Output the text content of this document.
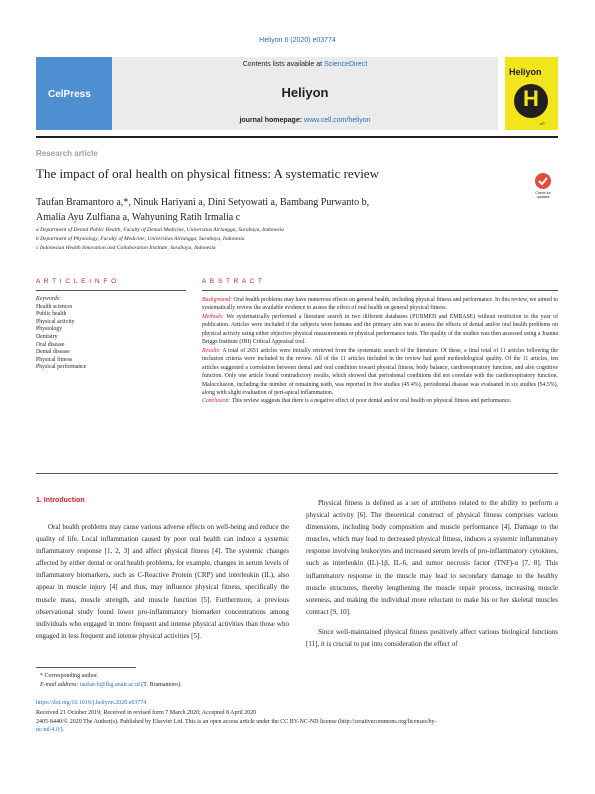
Heliyon 6 (2020) e03774
CelPress
Contents lists available at ScienceDirect
Heliyon
journal homepage: www.cell.com/heliyon
Heliyon
H
cP
Research article
The impact of oral health on physical fitness: A systematic review
Check for
updates
Taufan Bramantoro a,*, Ninuk Hariyani a, Dini Setyowati a, Bambang Purwanto b,
Amalia Ayu Zulfiana a, Wahyuning Ratih Irmalia c
a Department of Dental Public Health, Faculty of Dental Medicine, Universitas Airlangga, Surabaya, Indonesia
b Department of Physiology, Faculty of Medicine, Universitas Airlangga, Surabaya, Indonesia
c Indonesian Health Innovation and Collaboration Institute, Surabaya, Indonesia
A R T I C L E I N F O	A B S T R A C T
Keywords:
Health sciences
Public health
Physical activity
Physiology
Dentistry
Oral disease
Dental disease
Physical fitness
Physical performance
Background: Oral health problems may have numerous effects on general health, including physical fitness and performance. In this review, we aimed to systematically review the available evidence to assess the effect of oral health on general physical fitness.
Methods: We systematically performed a literature search in two different databases (PUBMED and EMBASE) without restriction to the year of publication. Articles were included if the subjects were humans and the primary aim was to assess the effects of dental and/or oral health problems on physical activity using either objective physical measurements or physical performance tests. The quality of the studies was then assessed using a Joanna Briggs Institute (JBI) Critical Appraisal tool.
Results: A total of 2651 articles were initially retrieved from the systematic search of the literature. Of these, a final total of 11 articles following the inclusion criteria were included in the review. All of the 11 articles included in the review had good methodological quality. Of the 11 articles, ten articles suggested a correlation between dental and oral condition toward physical fitness, body balance, cardiorespiratory function, and also cognitive function. Only one article found contradictory results, which showed that periodontal conditions did not correlate with the cardiorespiratory function. Malocclusion, including the number of remaining teeth, was reported in five studies (45.4%), periodontal disease was evaluated in six studies (54.5%), along with slight evaluation of peri-apical inflammation.
Conclusion: This review suggests that there is a negative effect of poor dental and/or oral health on physical fitness and performance.
1. Introduction
Oral health problems may cause various adverse effects on well-being and reduce the quality of life. Local inflammation caused by poor oral health can induce a systemic inflammatory response [1, 2, 3] and affect physical fitness [4]. The systemic changes affected by either dental or oral health problems, for example, changes in serum levels of inflammatory biomarkers, such as C-Reactive Protein (CRP) and interleukin (IL), also appear in muscle injury [4] and thus, may influence physical fitness, specifically the muscle mass, muscle strength, and muscle function [5]. Furthermore, a previous observational study found lower pro-inflammatory biomarker concentrations among individuals who engaged in more frequent and intense physical activities than those who engaged in less frequent and intense physical activities [5].

Physical fitness is defined as a set of attributes related to the ability to perform a physical activity [6]. The theoretical construct of physical fitness comprises various dimensions, including body composition and muscle performance [4]. Damage to the muscles, which may lead to decreased physical fitness, induces a systemic inflammatory response involving leukocytes and increased serum levels of pro-inflammatory cytokines, such as interleukin (IL)-1β, IL-6, and tumor necrosis factor (TNF)-α [7, 8]. This inflammatory response in the muscle may lead to secondary damage to the healthy muscle structures, thereby lengthening the muscle repair process, increasing muscle soreness, and making the individual more reluctant to make his or her skeletal muscles contract [9, 10].

Since well-maintained physical fitness positively affect various biological functions [11], it is crucial to put into consideration the effect of

* Corresponding author.
E-mail address: taufan-b@fkg.unair.ac.id (T. Bramantoro).
https://doi.org/10.1016/j.heliyon.2020.e03774
Received 21 October 2019; Received in revised form 7 March 2020; Accepted 8 April 2020
2405-8440/© 2020 The Author(s). Published by Elsevier Ltd. This is an open access article under the CC BY-NC-ND license (http://creativecommons.org/licenses/by-
nc-nd/4.0/).
